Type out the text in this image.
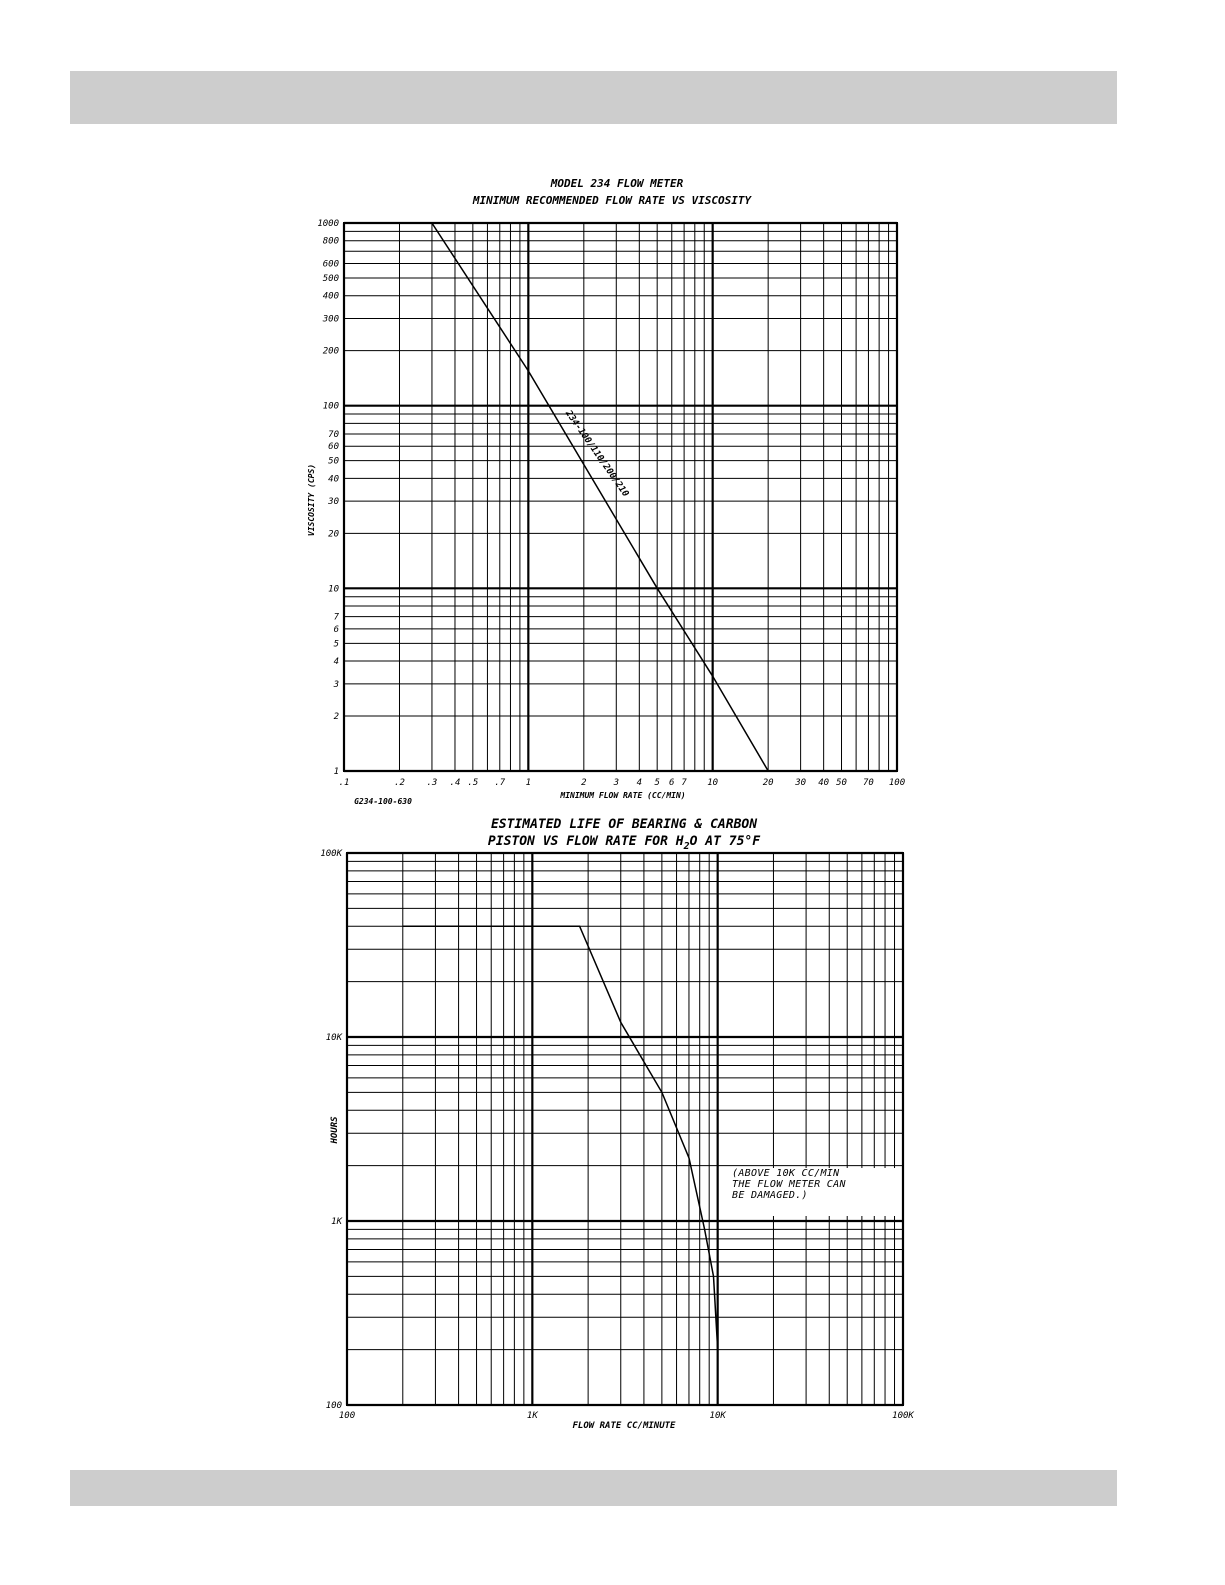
MODEL 234 FLOW METER
MINIMUM RECOMMENDED FLOW RATE VS VISCOSITY
.1	.2 .3 .4 .5 .7 1	2	3 4 5 6 7 10	20 30 40 50 70 100
1
2
3
4
5
6
7
10
20
30
40
50
60
70
100
200
300
400
500
600
800
1000
MINIMUM FLOW RATE (CC/MIN)
VISCOSITY (CPS)
G234-100-630
234-100/110/200/210
ESTIMATED LIFE OF BEARING & CARBON
PISTON VS FLOW RATE FOR $H_2O$ AT 75°F
100	1K	10K	100K
100
1K
10K
100K
FLOW RATE CC/MINUTE
HOURS
(ABOVE 10K CC/MIN
THE FLOW METER CAN
BE DAMAGED.)
